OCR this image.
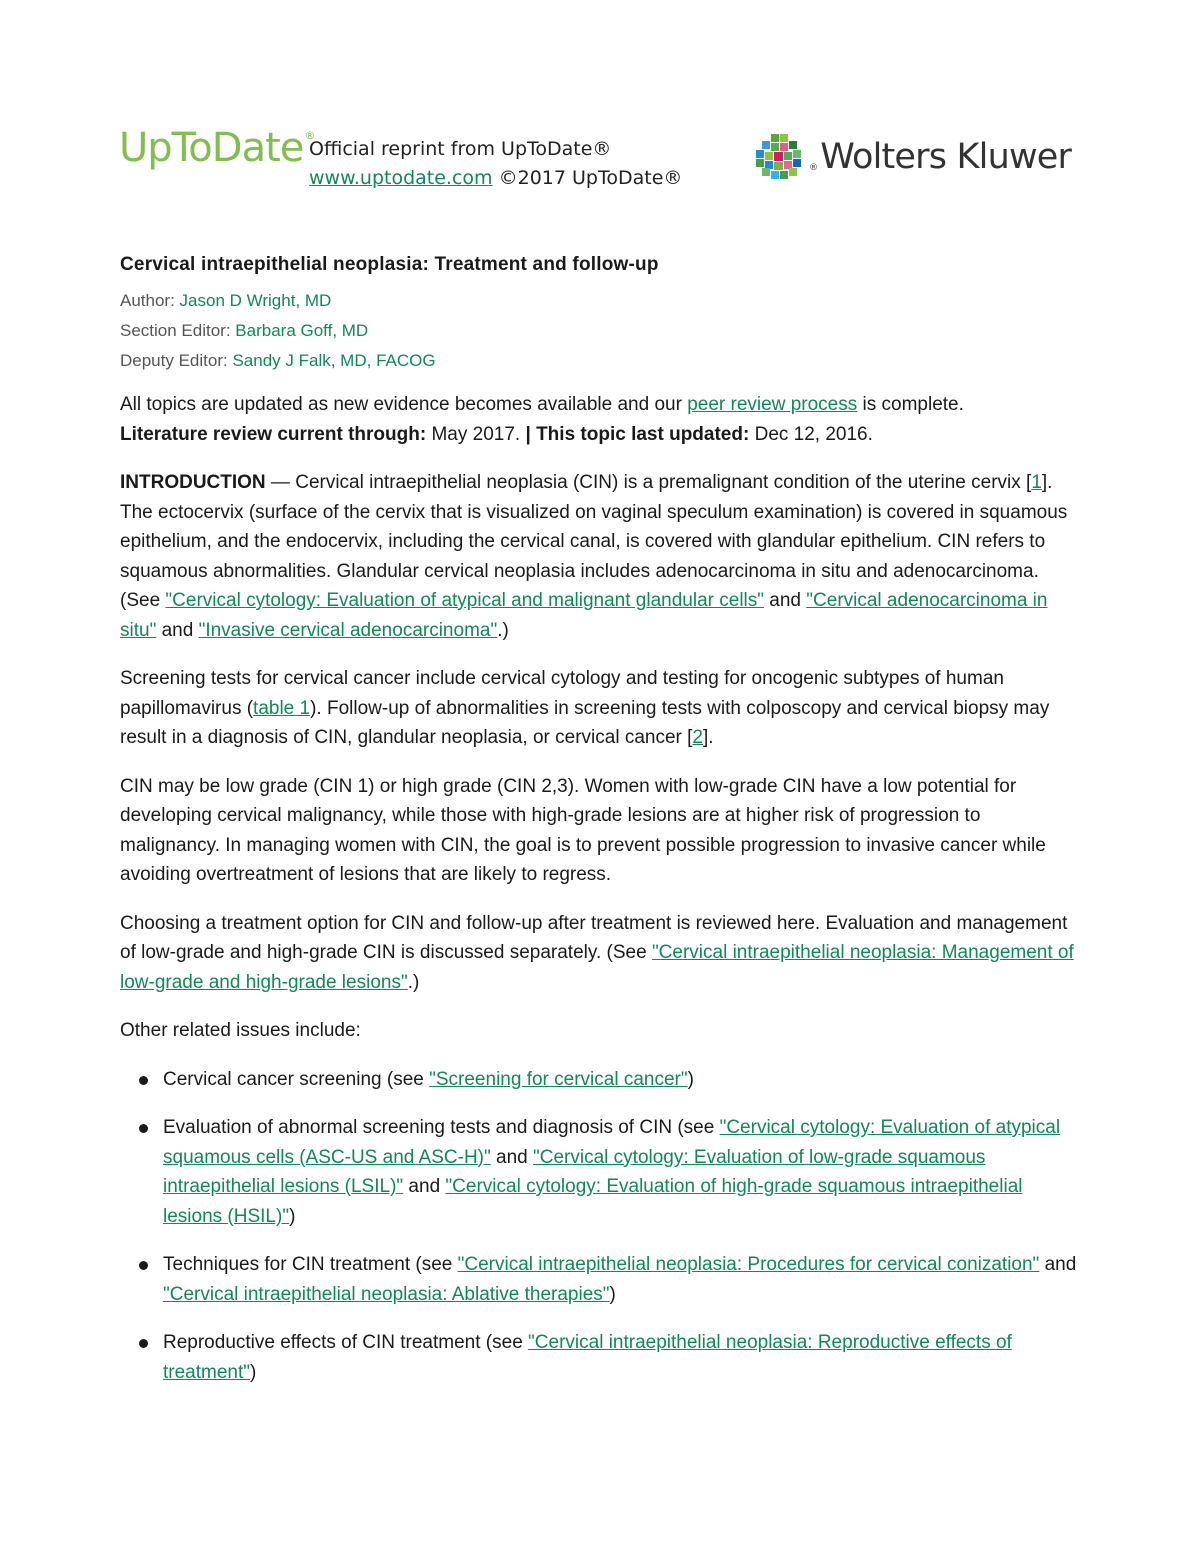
UpToDate®
Official reprint from UpToDate®
www.uptodate.com ©2017 UpToDate®	® Wolters Kluwer
Cervical intraepithelial neoplasia: Treatment and follow-up
Author: Jason D Wright, MD
Section Editor: Barbara Goff, MD
Deputy Editor: Sandy J Falk, MD, FACOG

All topics are updated as new evidence becomes available and our peer review process is complete.
Literature review current through: May 2017. | This topic last updated: Dec 12, 2016.

INTRODUCTION — Cervical intraepithelial neoplasia (CIN) is a premalignant condition of the uterine cervix [1]. The ectocervix (surface of the cervix that is visualized on vaginal speculum examination) is covered in squamous epithelium, and the endocervix, including the cervical canal, is covered with glandular epithelium. CIN refers to squamous abnormalities. Glandular cervical neoplasia includes adenocarcinoma in situ and adenocarcinoma. (See "Cervical cytology: Evaluation of atypical and malignant glandular cells" and "Cervical adenocarcinoma in situ" and "Invasive cervical adenocarcinoma".)

Screening tests for cervical cancer include cervical cytology and testing for oncogenic subtypes of human papillomavirus (table 1). Follow-up of abnormalities in screening tests with colposcopy and cervical biopsy may result in a diagnosis of CIN, glandular neoplasia, or cervical cancer [2].

CIN may be low grade (CIN 1) or high grade (CIN 2,3). Women with low-grade CIN have a low potential for developing cervical malignancy, while those with high-grade lesions are at higher risk of progression to malignancy. In managing women with CIN, the goal is to prevent possible progression to invasive cancer while avoiding overtreatment of lesions that are likely to regress.

Choosing a treatment option for CIN and follow-up after treatment is reviewed here. Evaluation and management of low-grade and high-grade CIN is discussed separately. (See "Cervical intraepithelial neoplasia: Management of low-grade and high-grade lesions".)

Other related issues include:

Cervical cancer screening (see "Screening for cervical cancer")
Evaluation of abnormal screening tests and diagnosis of CIN (see "Cervical cytology: Evaluation of atypical squamous cells (ASC-US and ASC-H)" and "Cervical cytology: Evaluation of low-grade squamous intraepithelial lesions (LSIL)" and "Cervical cytology: Evaluation of high-grade squamous intraepithelial lesions (HSIL)")
Techniques for CIN treatment (see "Cervical intraepithelial neoplasia: Procedures for cervical conization" and "Cervical intraepithelial neoplasia: Ablative therapies")
Reproductive effects of CIN treatment (see "Cervical intraepithelial neoplasia: Reproductive effects of treatment")
